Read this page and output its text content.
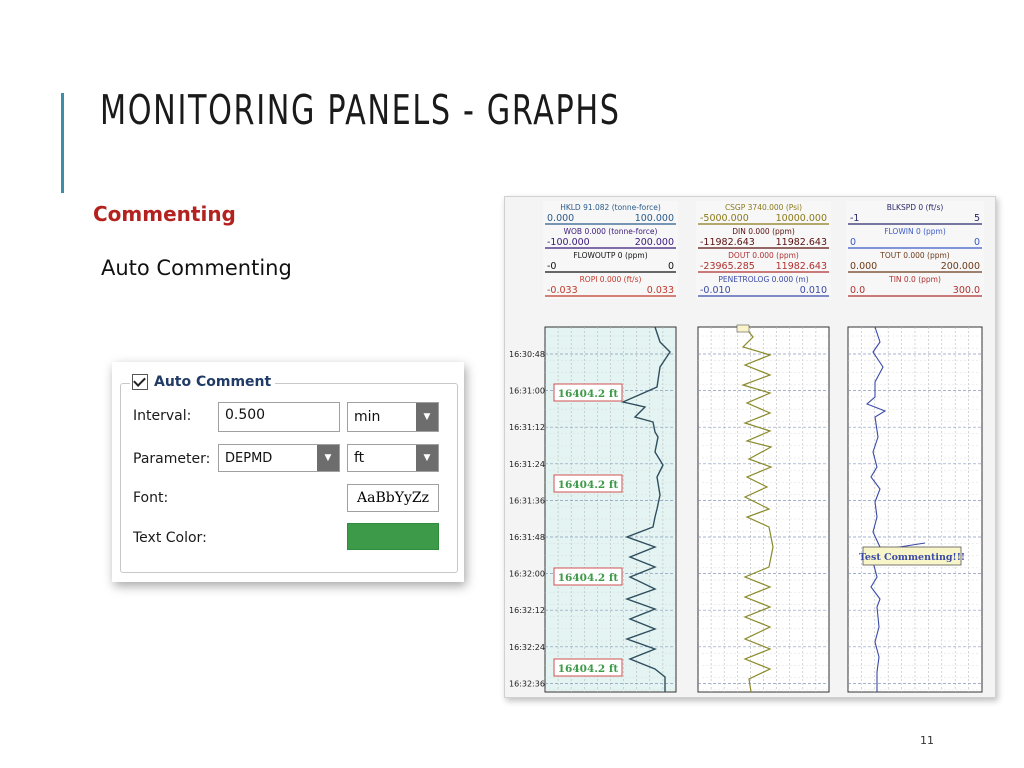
MONITORING PANELS - GRAPHS
Commenting
Auto Commenting
11
Auto Comment
Interval:	0.500	min	▼
Parameter:	DEPMD	▼	ft	▼
Font:	AaBbYyZz
Text Color:
HKLD 91.082 (tonne-force)
0.000	100.000
WOB 0.000 (tonne-force)
-100.000	200.000
FLOWOUTP 0 (ppm)
-0	0
ROPI 0.000 (ft/s)
-0.033	0.033
CSGP 3740.000 (Psi)
-5000.000	10000.000
DIN 0.000 (ppm)
-11982.643 11982.643
DOUT 0.000 (ppm)
-23965.285 11982.643
PENETROLOG 0.000 (m)
-0.010	0.010
BLKSPD 0 (ft/s)
-1	5
FLOWIN 0 (ppm)
0	0
TOUT 0.000 (ppm)
0.000	200.000
TIN 0.0 (ppm)
0.0	300.0
16:30:48
16:31:00
16:31:12
16:31:24
16:31:36
16:31:48
16:32:00
16:32:12
16:32:24
16:32:36
16404.2 ft
16404.2 ft
16404.2 ft
16404.2 ft
Test Commenting!!!
